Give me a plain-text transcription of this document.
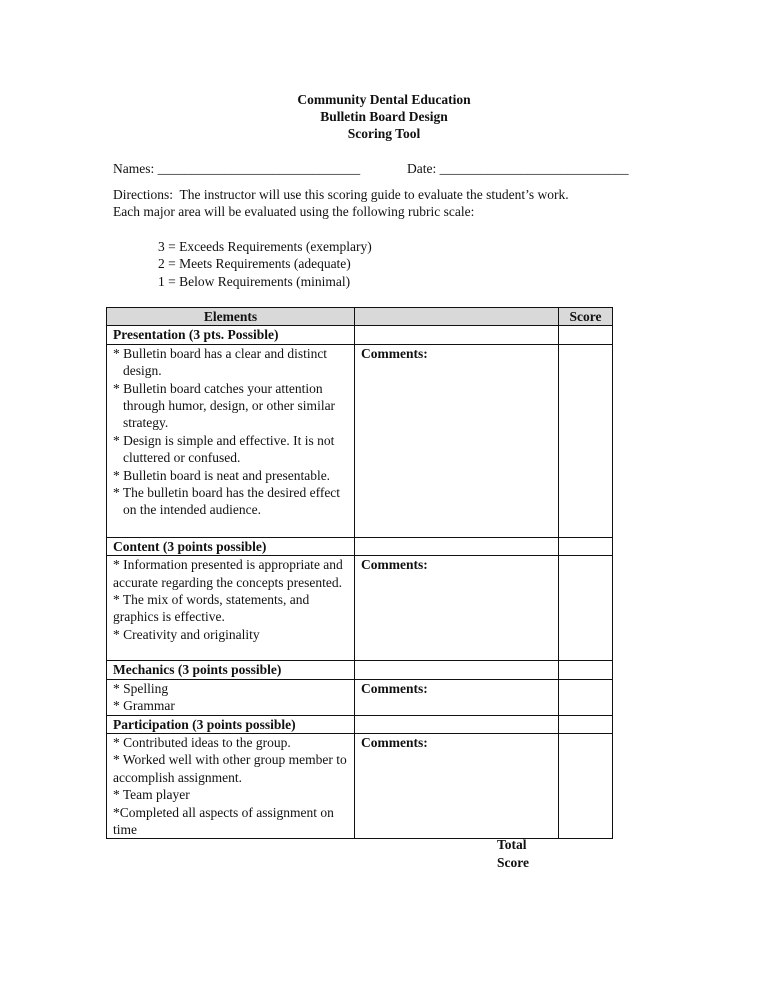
Community Dental Education
Bulletin Board Design
Scoring Tool
Names: ______________________________	Date: ____________________________
Directions:  The instructor will use this scoring guide to evaluate the student’s work.
Each major area will be evaluated using the following rubric scale:
3 = Exceeds Requirements (exemplary)
2 = Meets Requirements (adequate)
1 = Below Requirements (minimal)
Elements		Score
Presentation (3 pts. Possible)		

* Bulletin board has a clear and distinct design.
* Bulletin board catches your attention through humor, design, or other similar strategy.
* Design is simple and effective. It is not cluttered or confused.
* Bulletin board is neat and presentable.
* The bulletin board has the desired effect on the intended audience.	Comments:	
Content (3 points possible)		

* Information presented is appropriate and accurate regarding the concepts presented.
* The mix of words, statements, and graphics is effective.
* Creativity and originality	Comments:	
Mechanics (3 points possible)		

* Spelling
* Grammar	Comments:	
Participation (3 points possible)		

* Contributed ideas to the group.
* Worked well with other group member to accomplish assignment.
* Team player
*Completed all aspects of assignment on time	Comments:	
Total
Score
